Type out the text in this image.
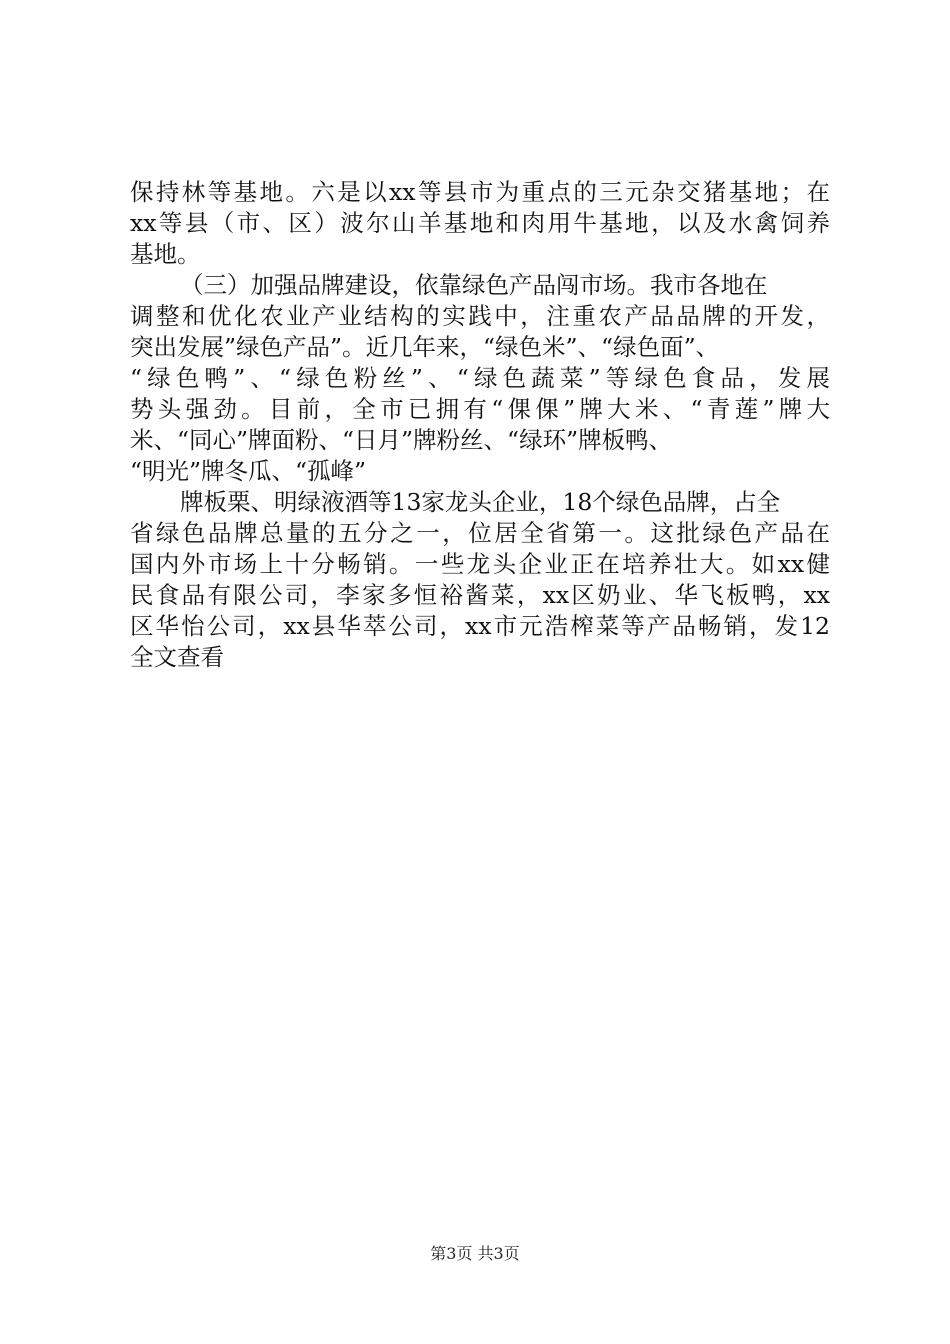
保持林等基地。六是以xx等县市为重点的三元杂交猪基地；在
xx等县（市、区）波尔山羊基地和肉用牛基地，以及水禽饲养
基地。
（三）加强品牌建设，依靠绿色产品闯市场。我市各地在
调整和优化农业产业结构的实践中，注重农产品品牌的开发，
突出发展”绿色产品”。近几年来，“绿色米”、“绿色面”、
“绿色鸭”、“绿色粉丝”、“绿色蔬菜”等绿色食品，发展
势头强劲。目前，全市已拥有“倮倮”牌大米、“青莲”牌大
米、“同心”牌面粉、“日月”牌粉丝、“绿环”牌板鸭、
“明光”牌冬瓜、“孤峰”
牌板栗、明绿液酒等13家龙头企业，18个绿色品牌，占全
省绿色品牌总量的五分之一，位居全省第一。这批绿色产品在
国内外市场上十分畅销。一些龙头企业正在培养壮大。如xx健
民食品有限公司，李家多恒裕酱菜，xx区奶业、华飞板鸭，xx
区华怡公司，xx县华萃公司，xx市元浩榨菜等产品畅销，发12
全文查看
第3页 共3页
